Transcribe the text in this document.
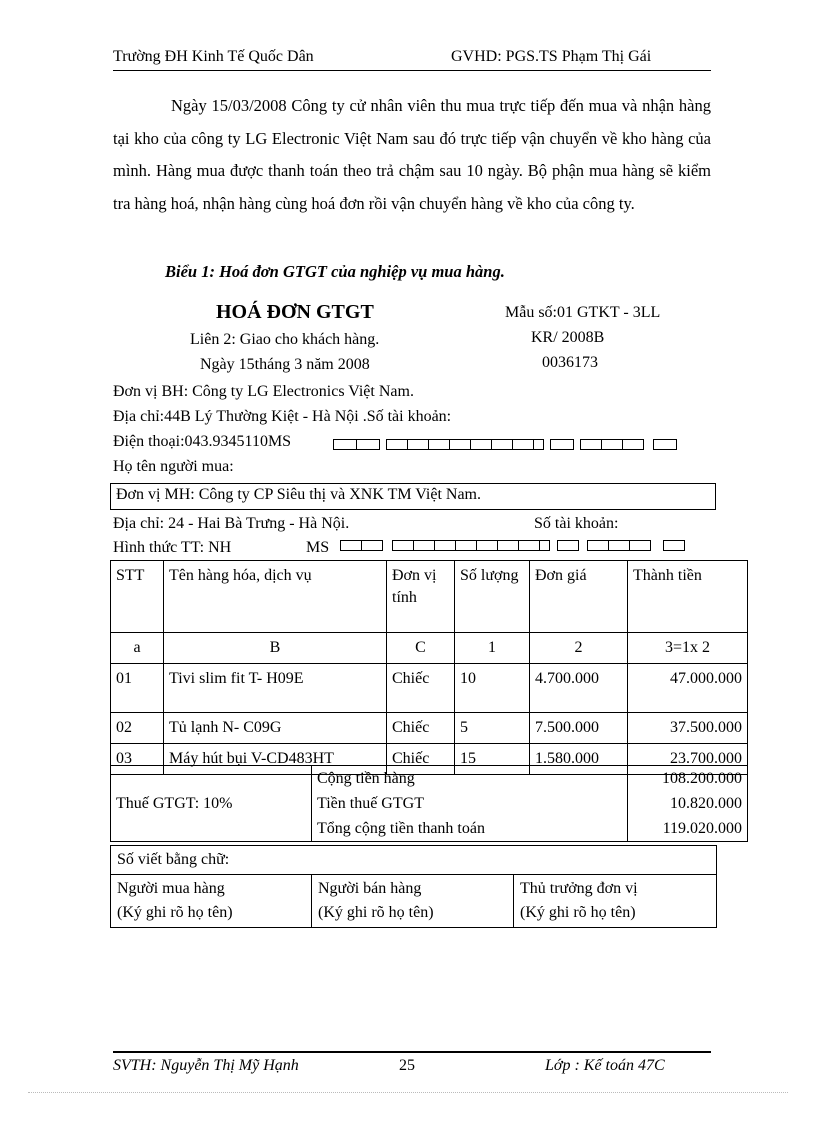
Trường ĐH Kinh Tế Quốc Dân	GVHD: PGS.TS Phạm Thị Gái

Ngày 15/03/2008 Công ty cử nhân viên thu mua trực tiếp đến mua và nhận hàng tại kho của công ty LG Electronic Việt Nam sau đó trực tiếp vận chuyển về kho hàng của mình. Hàng mua được thanh toán theo trả chậm sau 10 ngày. Bộ phận mua hàng sẽ kiểm tra hàng hoá, nhận hàng cùng hoá đơn rồi vận chuyển hàng về kho của công ty.

Biểu 1: Hoá đơn GTGT của nghiệp vụ mua hàng.
HOÁ ĐƠN GTGT
Liên 2: Giao cho khách hàng.
Ngày 15tháng 3 năm 2008
Mẫu số:01 GTKT - 3LL
KR/ 2008B
0036173
Đơn vị BH: Công ty LG Electronics Việt Nam.
Địa chỉ:44B Lý Thường Kiệt - Hà Nội .Số tài khoản:
Điện thoại:043.9345110MS
Họ tên người mua:
Đơn vị MH: Công ty CP Siêu thị và XNK TM Việt Nam.
Địa chỉ: 24 - Hai Bà Trưng - Hà Nội.	Số tài khoản:
Hình thức TT: NH	MS
STT	Tên hàng hóa, dịch vụ	Đơn vị tính	Số lượng	Đơn giá	Thành tiền
a	B	C	1	2	3=1x 2
01	Tivi slim fit T- H09E	Chiếc	10	4.700.000	47.000.000
02	Tủ lạnh N- C09G	Chiếc	5	7.500.000	37.500.000
03	Máy hút bụi V-CD483HT	Chiếc	15	1.580.000	23.700.000
Thuế GTGT: 10%	Cộng tiền hàng	108.200.000
	Tiền thuế GTGT	10.820.000
	Tổng cộng tiền thanh toán	119.020.000
Số viết bằng chữ:

Người mua hàng
(Ký ghi rõ họ tên)

Người bán hàng
(Ký ghi rõ họ tên)

Thủ trưởng đơn vị
(Ký ghi rõ họ tên)
SVTH: Nguyễn Thị Mỹ Hạnh	25	Lớp : Kế toán 47C
